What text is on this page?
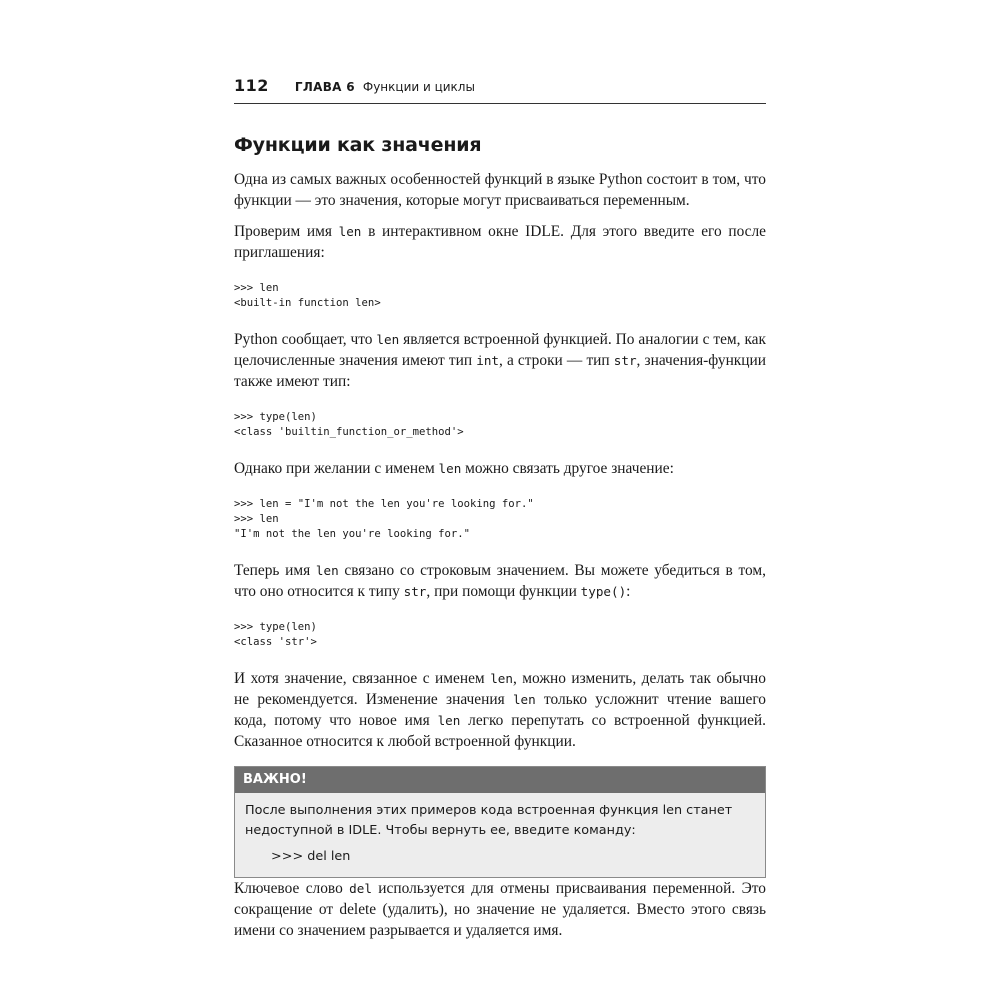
112 ГЛАВА 6 Функции и циклы
Функции как значения

Одна из самых важных особенностей функций в языке Python состоит в том, что функции — это значения, которые могут присваиваться переменным.

Проверим имя len в интерактивном окне IDLE. Для этого введите его после приглашения:

>>> len
<built-in function len>

Python сообщает, что len является встроенной функцией. По аналогии с тем, как целочисленные значения имеют тип int, а строки — тип str, значения-функции также имеют тип:

>>> type(len)
<class 'builtin_function_or_method'>

Однако при желании с именем len можно связать другое значение:

>>> len = "I'm not the len you're looking for."
>>> len
"I'm not the len you're looking for."

Теперь имя len связано со строковым значением. Вы можете убедиться в том, что оно относится к типу str, при помощи функции type():

>>> type(len)
<class 'str'>

И хотя значение, связанное с именем len, можно изменить, делать так обычно не рекомендуется. Изменение значения len только усложнит чтение вашего кода, потому что новое имя len легко перепутать со встроенной функцией. Сказанное относится к любой встроенной функции.

ВАЖНО!
После выполнения этих примеров кода встроенная функция len станет недоступной в IDLE. Чтобы вернуть ее, введите команду:
>>> del len

Ключевое слово del используется для отмены присваивания переменной. Это сокращение от delete (удалить), но значение не удаляется. Вместо этого связь имени со значением разрывается и удаляется имя.
